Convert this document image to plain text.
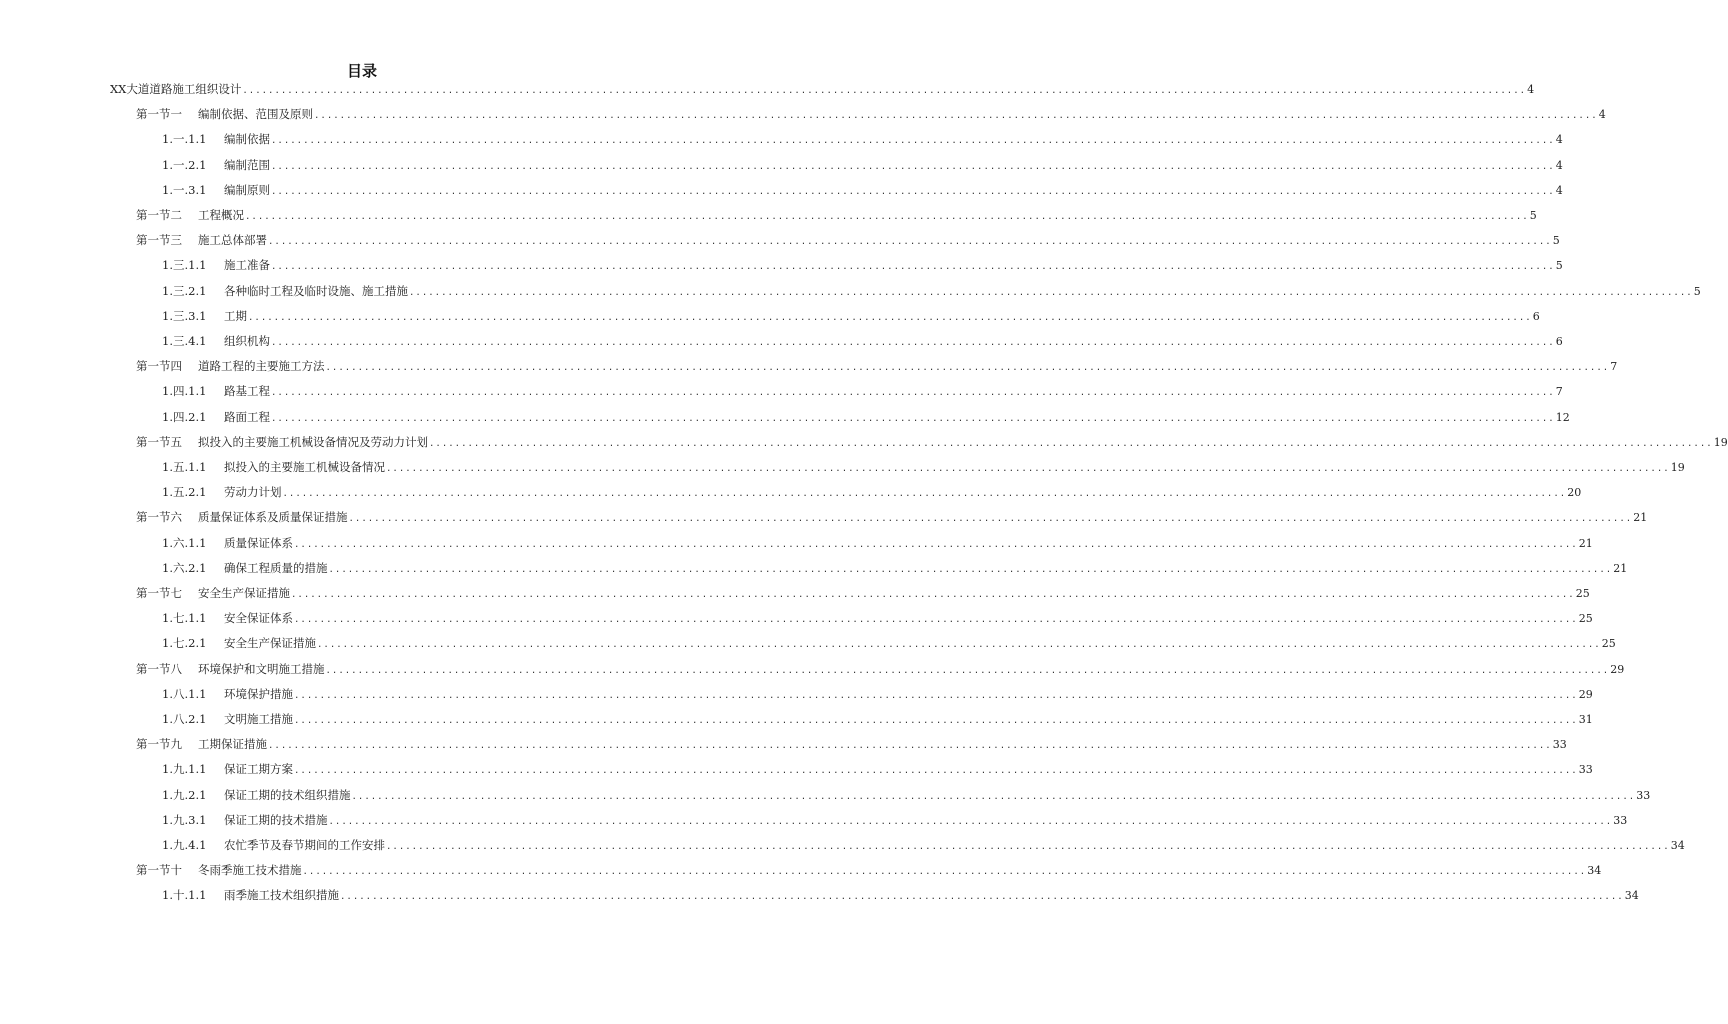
目录
XX大道道路施工组织设计 ........................................................................................................................................................................................................ 4
第一节一	编制依据、范围及原则 ........................................................................................................................................................................................................ 4
1.一.1.1	编制依据 ........................................................................................................................................................................................................ 4
1.一.2.1	编制范围 ........................................................................................................................................................................................................ 4
1.一.3.1	编制原则 ........................................................................................................................................................................................................ 4
第一节二	工程概况 ........................................................................................................................................................................................................ 5
第一节三	施工总体部署 ........................................................................................................................................................................................................ 5
1.三.1.1	施工准备 ........................................................................................................................................................................................................ 5
1.三.2.1	各种临时工程及临时设施、施工措施 ........................................................................................................................................................................................................ 5
1.三.3.1	工期 ........................................................................................................................................................................................................ 6
1.三.4.1	组织机构 ........................................................................................................................................................................................................ 6
第一节四	道路工程的主要施工方法 ........................................................................................................................................................................................................ 7
1.四.1.1	路基工程 ........................................................................................................................................................................................................ 7
1.四.2.1	路面工程 ........................................................................................................................................................................................................ 12
第一节五	拟投入的主要施工机械设备情况及劳动力计划 ........................................................................................................................................................................................................ 19
1.五.1.1	拟投入的主要施工机械设备情况 ........................................................................................................................................................................................................ 19
1.五.2.1	劳动力计划 ........................................................................................................................................................................................................ 20
第一节六	质量保证体系及质量保证措施 ........................................................................................................................................................................................................ 21
1.六.1.1	质量保证体系 ........................................................................................................................................................................................................ 21
1.六.2.1	确保工程质量的措施 ........................................................................................................................................................................................................ 21
第一节七	安全生产保证措施 ........................................................................................................................................................................................................ 25
1.七.1.1	安全保证体系 ........................................................................................................................................................................................................ 25
1.七.2.1	安全生产保证措施 ........................................................................................................................................................................................................ 25
第一节八	环境保护和文明施工措施 ........................................................................................................................................................................................................ 29
1.八.1.1	环境保护措施 ........................................................................................................................................................................................................ 29
1.八.2.1	文明施工措施 ........................................................................................................................................................................................................ 31
第一节九	工期保证措施 ........................................................................................................................................................................................................ 33
1.九.1.1	保证工期方案 ........................................................................................................................................................................................................ 33
1.九.2.1	保证工期的技术组织措施 ........................................................................................................................................................................................................ 33
1.九.3.1	保证工期的技术措施 ........................................................................................................................................................................................................ 33
1.九.4.1	农忙季节及春节期间的工作安排 ........................................................................................................................................................................................................ 34
第一节十	冬雨季施工技术措施 ........................................................................................................................................................................................................ 34
1.十.1.1	雨季施工技术组织措施 ........................................................................................................................................................................................................ 34
